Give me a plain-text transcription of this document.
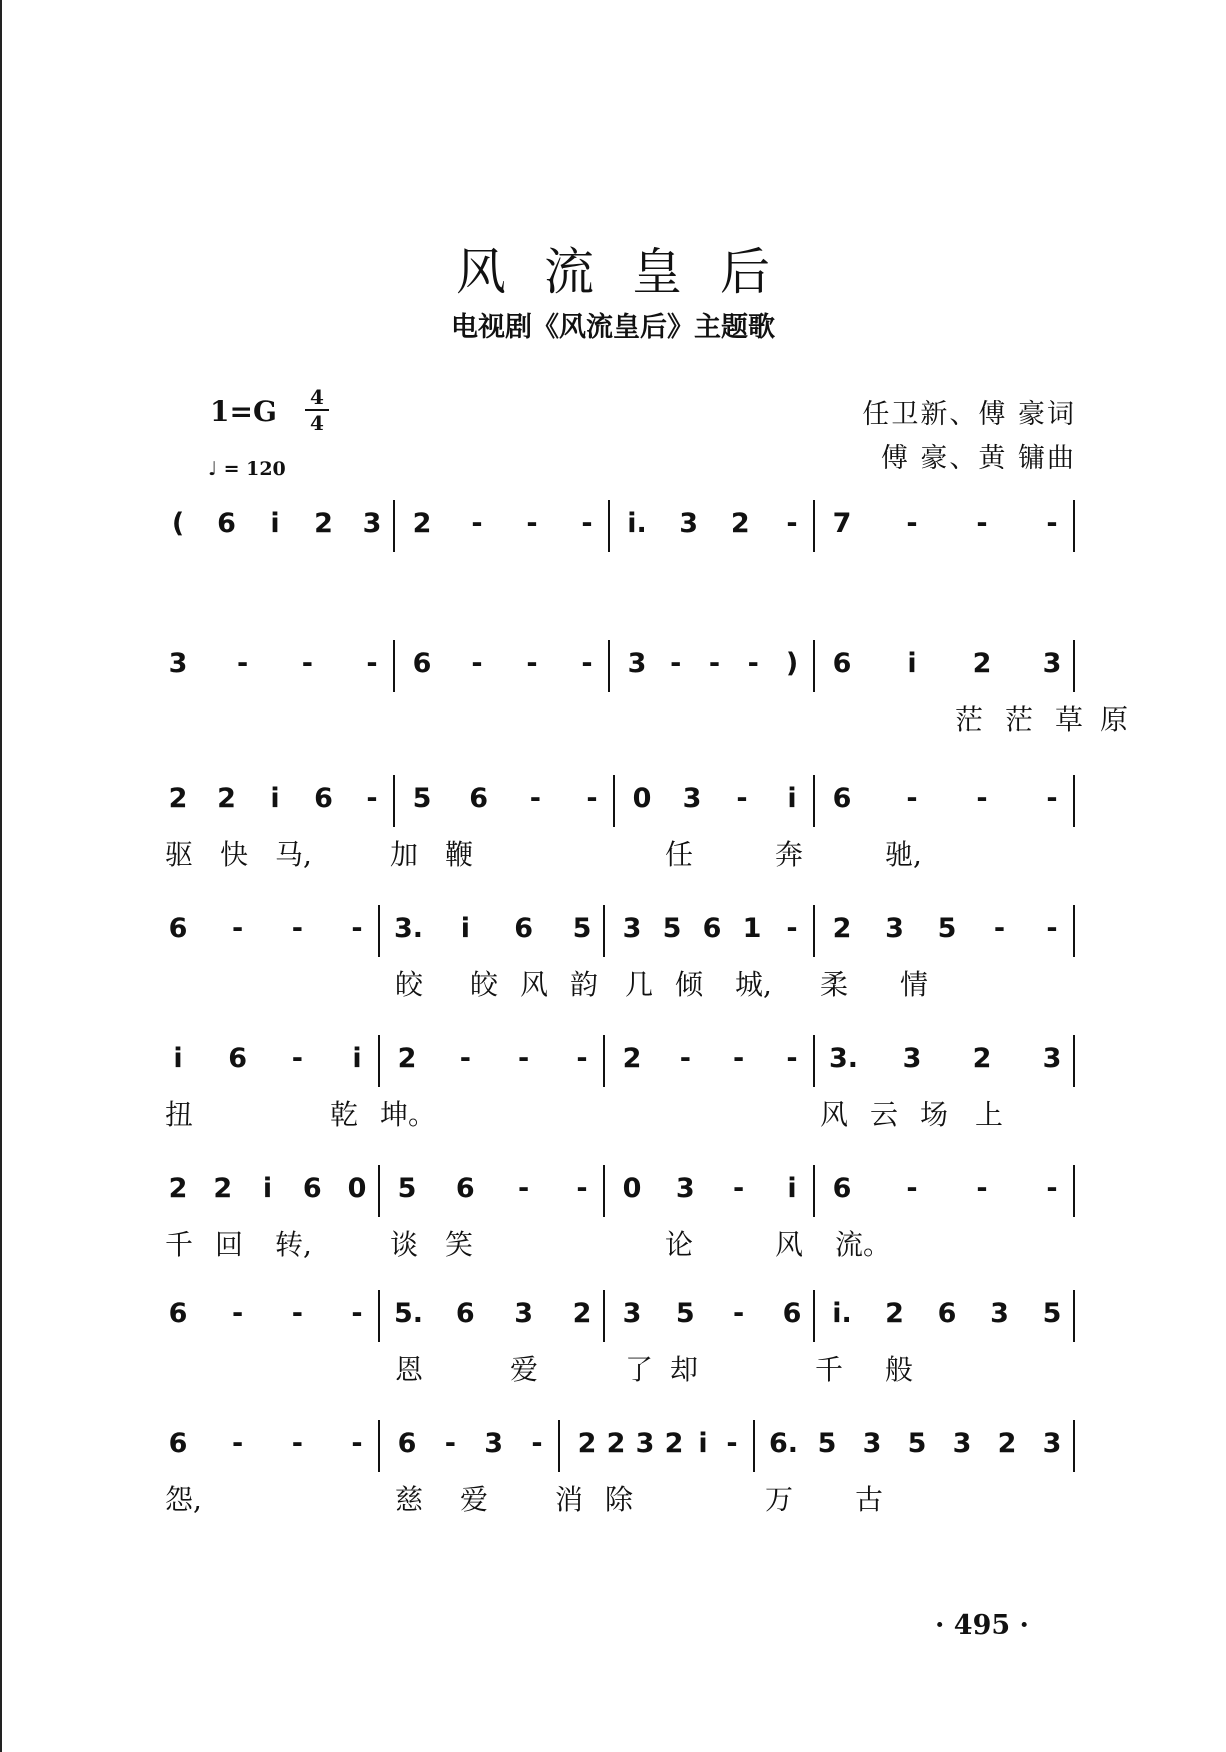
风流皇后
电视剧《风流皇后》主题歌
1=G 4
4
♩ = 120
任卫新、傅 豪词
傅 豪、黄 镛曲
( 6	i	2 3 2 - - - i. 3 2 - 7 - - -
3 - - - 6 - - - 3 - - - ) 6	i	2 3
茫 茫 草 原
2 2	i	6 - 5 6 - - 0 3 -	i	6 - - -
驱 快 马,	加 鞭	任	奔	驰,
6 - - - 3.	i	6 5 3 5 6 1 - 2 3 5 - -
皎 皎 风 韵 几 倾 城, 柔 情
i	6 -	i	2 - - - 2 - - - 3. 3 2 3
扭	乾 坤。	风 云 场 上
2 2	i	6 0 5 6 - - 0 3 -	i	6 - - -
千 回 转,	谈 笑	论	风 流。
6 - - - 5. 6 3 2 3 5 - 6 i. 2 6 3 5
恩	爱	了 却	千 般
6 - - - 6 - 3 - 2 2 3 2 i - 6. 5 3 5 3 2 3
怨,	慈 爱 消 除	万 古
· 495 ·
